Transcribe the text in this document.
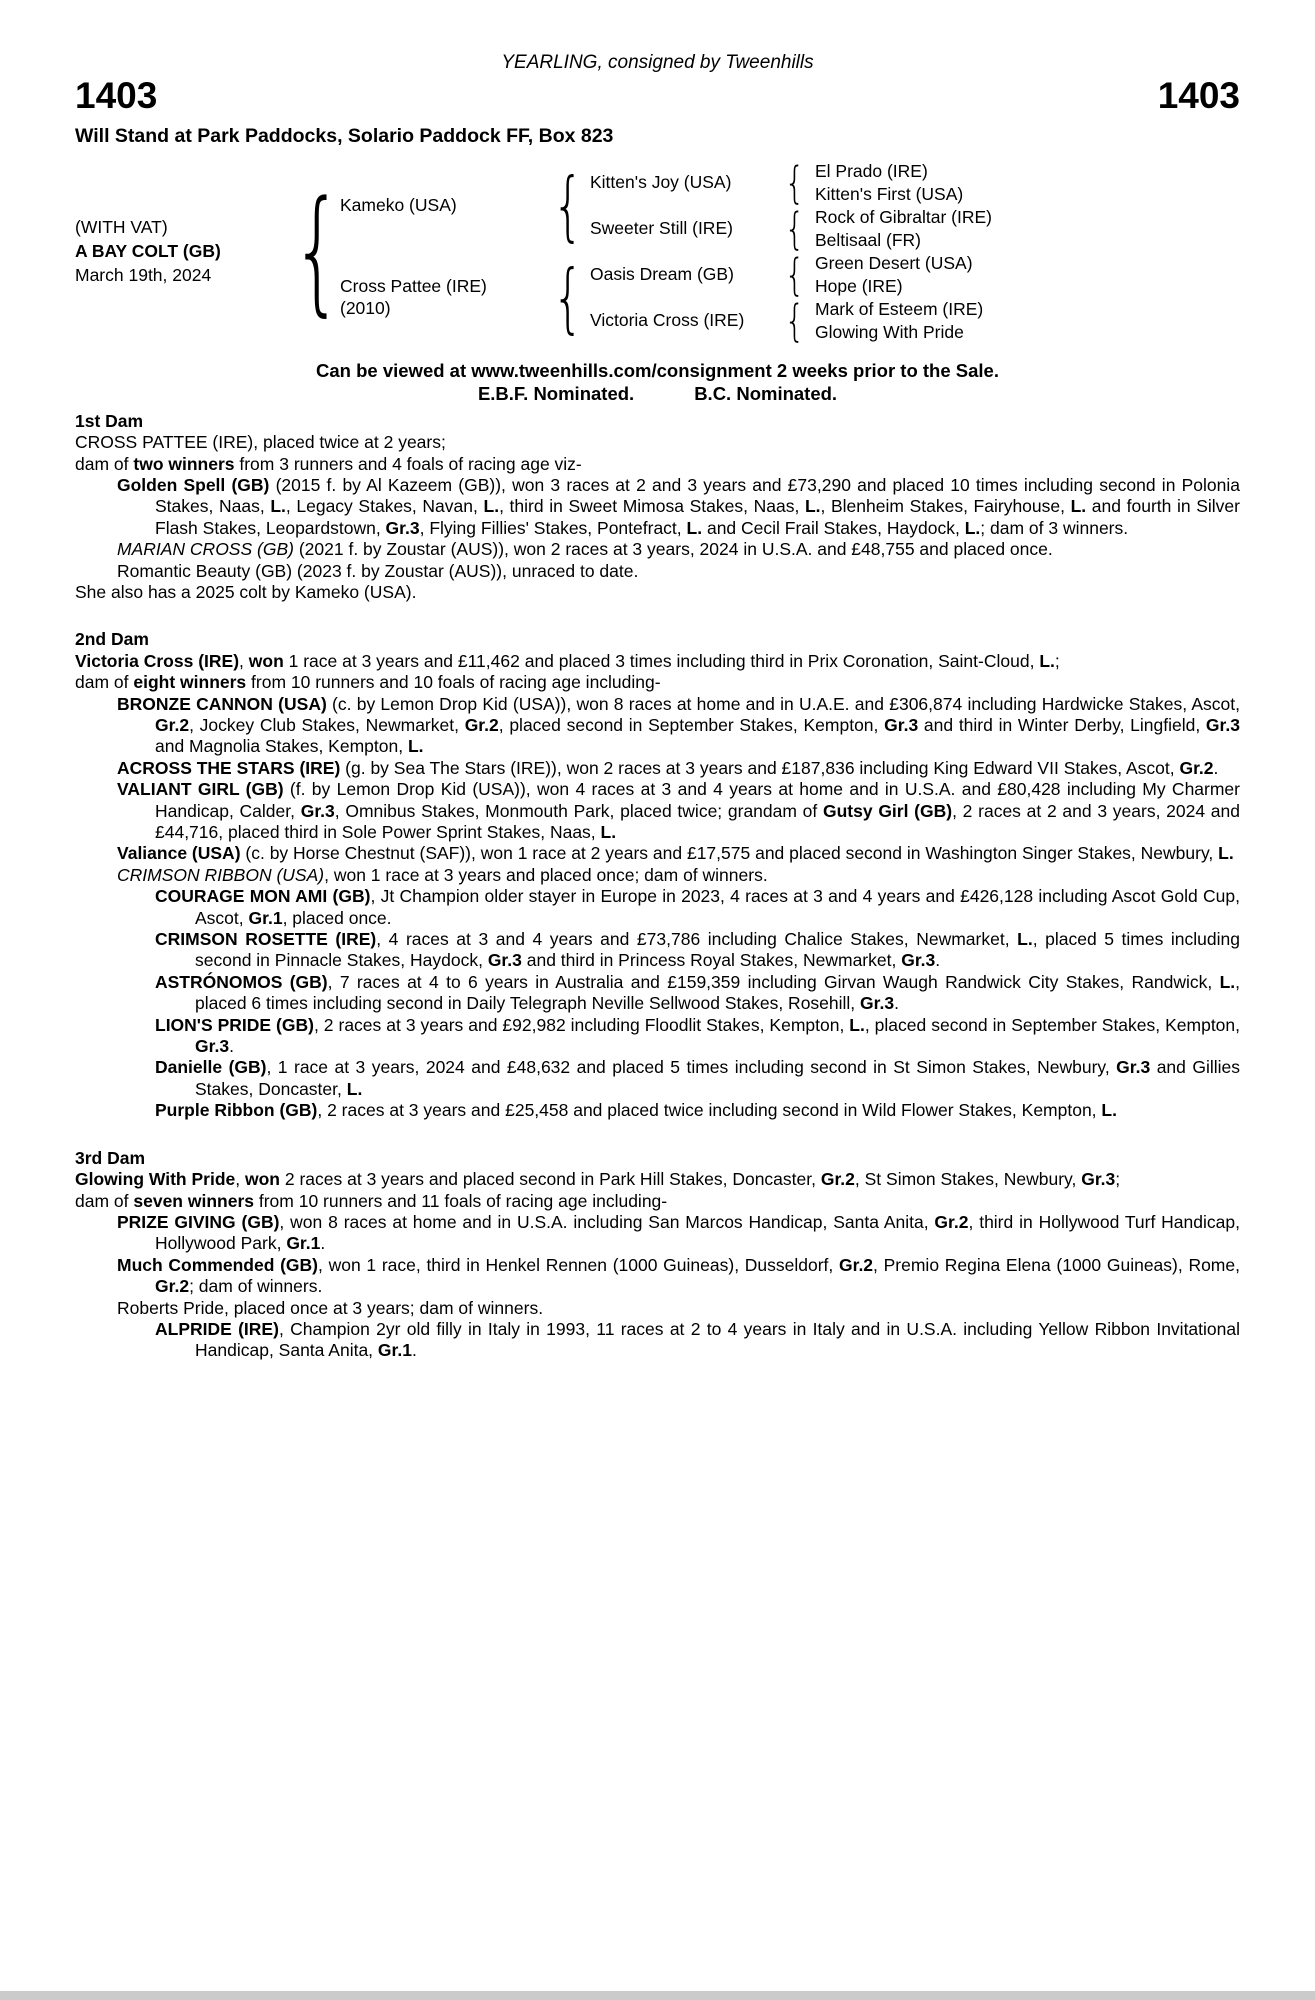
YEARLING, consigned by Tweenhills
1403	1403
Will Stand at Park Paddocks, Solario Paddock FF, Box 823
(WITH VAT)
A BAY COLT (GB)
March 19th, 2024 {
Kameko (USA)
Cross Pattee (IRE)
(2010)
{
{
Kitten's Joy (USA)
Sweeter Still (IRE)
Oasis Dream (GB)
Victoria Cross (IRE)
{
{
{
{
El Prado (IRE)
Kitten's First (USA)
Rock of Gibraltar (IRE)
Beltisaal (FR)
Green Desert (USA)
Hope (IRE)
Mark of Esteem (IRE)
Glowing With Pride
Can be viewed at www.tweenhills.com/consignment 2 weeks prior to the Sale.
E.B.F. Nominated.	B.C. Nominated.
1st Dam

CROSS PATTEE (IRE), placed twice at 2 years;

dam of two winners from 3 runners and 4 foals of racing age viz-

Golden Spell (GB) (2015 f. by Al Kazeem (GB)), won 3 races at 2 and 3 years and £73,290 and placed 10 times including second in Polonia Stakes, Naas, L., Legacy Stakes, Navan, L., third in Sweet Mimosa Stakes, Naas, L., Blenheim Stakes, Fairyhouse, L. and fourth in Silver Flash Stakes, Leopardstown, Gr.3, Flying Fillies' Stakes, Pontefract, L. and Cecil Frail Stakes, Haydock, L.; dam of 3 winners.

MARIAN CROSS (GB) (2021 f. by Zoustar (AUS)), won 2 races at 3 years, 2024 in U.S.A. and £48,755 and placed once.

Romantic Beauty (GB) (2023 f. by Zoustar (AUS)), unraced to date.

She also has a 2025 colt by Kameko (USA).

2nd Dam

Victoria Cross (IRE), won 1 race at 3 years and £11,462 and placed 3 times including third in Prix Coronation, Saint-Cloud, L.;

dam of eight winners from 10 runners and 10 foals of racing age including-

BRONZE CANNON (USA) (c. by Lemon Drop Kid (USA)), won 8 races at home and in U.A.E. and £306,874 including Hardwicke Stakes, Ascot, Gr.2, Jockey Club Stakes, Newmarket, Gr.2, placed second in September Stakes, Kempton, Gr.3 and third in Winter Derby, Lingfield, Gr.3 and Magnolia Stakes, Kempton, L.

ACROSS THE STARS (IRE) (g. by Sea The Stars (IRE)), won 2 races at 3 years and £187,836 including King Edward VII Stakes, Ascot, Gr.2.

VALIANT GIRL (GB) (f. by Lemon Drop Kid (USA)), won 4 races at 3 and 4 years at home and in U.S.A. and £80,428 including My Charmer Handicap, Calder, Gr.3, Omnibus Stakes, Monmouth Park, placed twice; grandam of Gutsy Girl (GB), 2 races at 2 and 3 years, 2024 and £44,716, placed third in Sole Power Sprint Stakes, Naas, L.

Valiance (USA) (c. by Horse Chestnut (SAF)), won 1 race at 2 years and £17,575 and placed second in Washington Singer Stakes, Newbury, L.

CRIMSON RIBBON (USA), won 1 race at 3 years and placed once; dam of winners.

COURAGE MON AMI (GB), Jt Champion older stayer in Europe in 2023, 4 races at 3 and 4 years and £426,128 including Ascot Gold Cup, Ascot, Gr.1, placed once.

CRIMSON ROSETTE (IRE), 4 races at 3 and 4 years and £73,786 including Chalice Stakes, Newmarket, L., placed 5 times including second in Pinnacle Stakes, Haydock, Gr.3 and third in Princess Royal Stakes, Newmarket, Gr.3.

ASTRÓNOMOS (GB), 7 races at 4 to 6 years in Australia and £159,359 including Girvan Waugh Randwick City Stakes, Randwick, L., placed 6 times including second in Daily Telegraph Neville Sellwood Stakes, Rosehill, Gr.3.

LION'S PRIDE (GB), 2 races at 3 years and £92,982 including Floodlit Stakes, Kempton, L., placed second in September Stakes, Kempton, Gr.3.

Danielle (GB), 1 race at 3 years, 2024 and £48,632 and placed 5 times including second in St Simon Stakes, Newbury, Gr.3 and Gillies Stakes, Doncaster, L.

Purple Ribbon (GB), 2 races at 3 years and £25,458 and placed twice including second in Wild Flower Stakes, Kempton, L.

3rd Dam

Glowing With Pride, won 2 races at 3 years and placed second in Park Hill Stakes, Doncaster, Gr.2, St Simon Stakes, Newbury, Gr.3;

dam of seven winners from 10 runners and 11 foals of racing age including-

PRIZE GIVING (GB), won 8 races at home and in U.S.A. including San Marcos Handicap, Santa Anita, Gr.2, third in Hollywood Turf Handicap, Hollywood Park, Gr.1.

Much Commended (GB), won 1 race, third in Henkel Rennen (1000 Guineas), Dusseldorf, Gr.2, Premio Regina Elena (1000 Guineas), Rome, Gr.2; dam of winners.

Roberts Pride, placed once at 3 years; dam of winners.

ALPRIDE (IRE), Champion 2yr old filly in Italy in 1993, 11 races at 2 to 4 years in Italy and in U.S.A. including Yellow Ribbon Invitational Handicap, Santa Anita, Gr.1.
